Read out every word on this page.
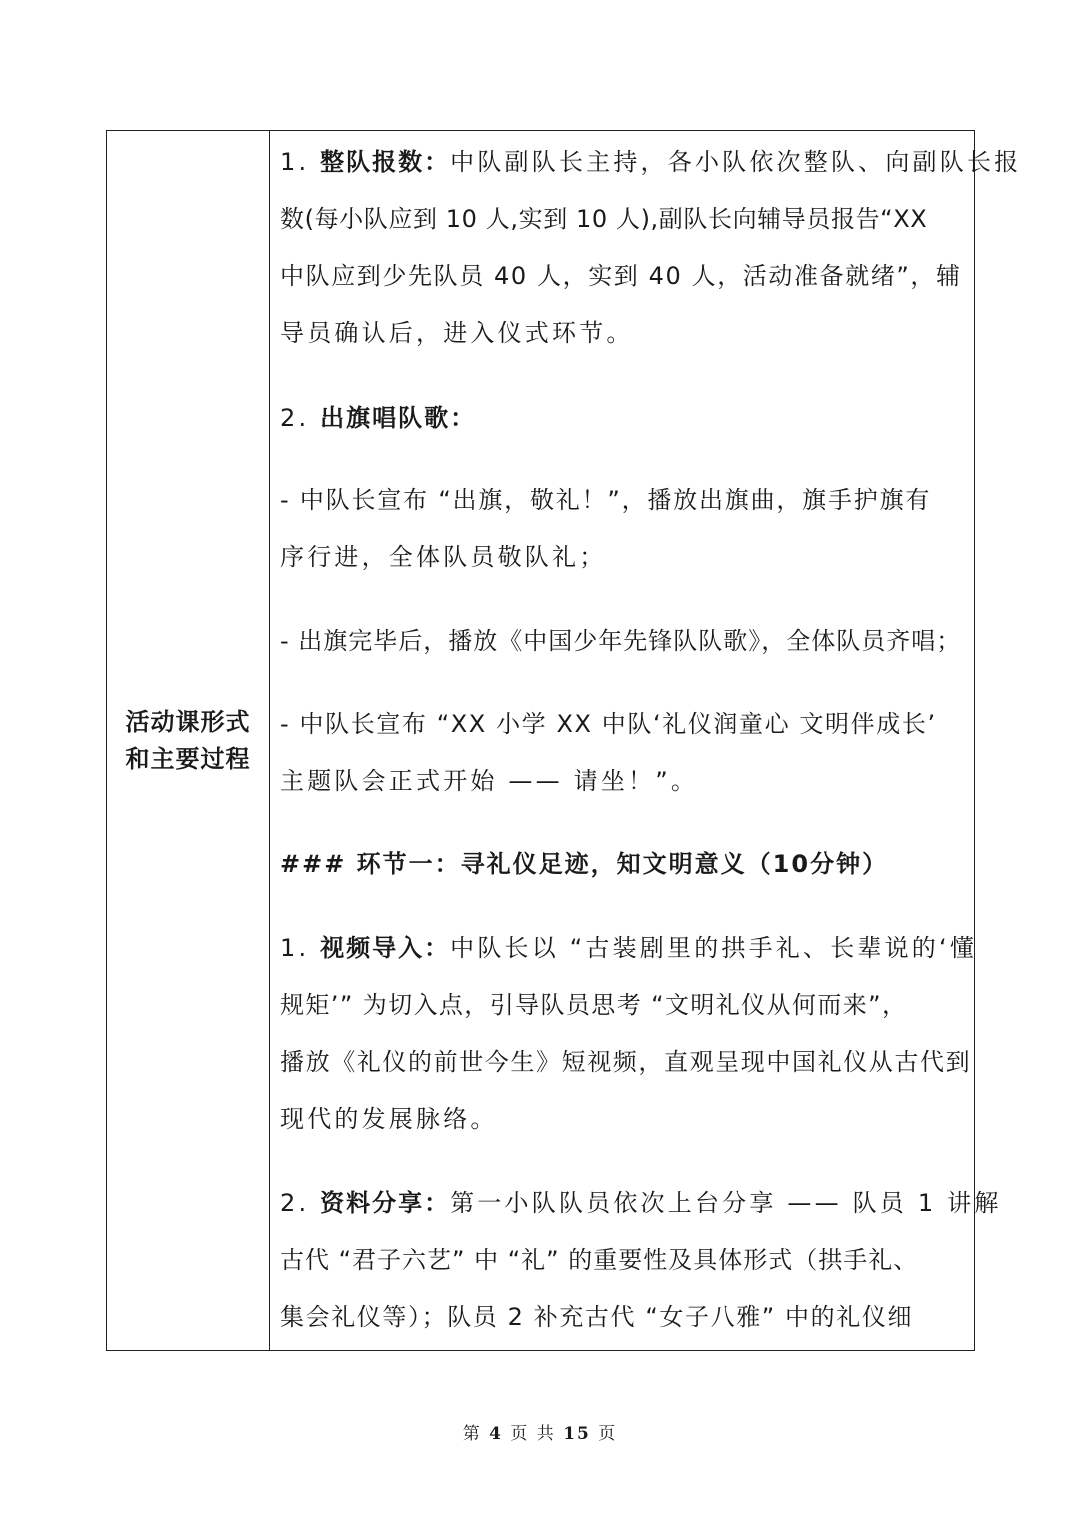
活动课形式
和主要过程
1. 整队报数：中队副队长主持，各小队依次整队、向副队长报
数(每小队应到 10 人,实到 10 人),副队长向辅导员报告“XX
中队应到少先队员 40 人，实到 40 人，活动准备就绪”，辅
导员确认后，进入仪式环节。
2. 出旗唱队歌：
- 中队长宣布 “出旗，敬礼！”，播放出旗曲，旗手护旗有
序行进，全体队员敬队礼；
- 出旗完毕后，播放《中国少年先锋队队歌》，全体队员齐唱；
- 中队长宣布 “XX 小学 XX 中队‘礼仪润童心 文明伴成长’
主题队会正式开始 —— 请坐！”。
### 环节一：寻礼仪足迹，知文明意义（10分钟）
1. 视频导入：中队长以 “古装剧里的拱手礼、长辈说的‘懂
规矩’” 为切入点，引导队员思考 “文明礼仪从何而来”，
播放《礼仪的前世今生》短视频，直观呈现中国礼仪从古代到
现代的发展脉络。
2. 资料分享：第一小队队员依次上台分享 —— 队员 1 讲解
古代 “君子六艺” 中 “礼” 的重要性及具体形式（拱手礼、
集会礼仪等）；队员 2 补充古代 “女子八雅” 中的礼仪细
第 4 页 共 15 页
